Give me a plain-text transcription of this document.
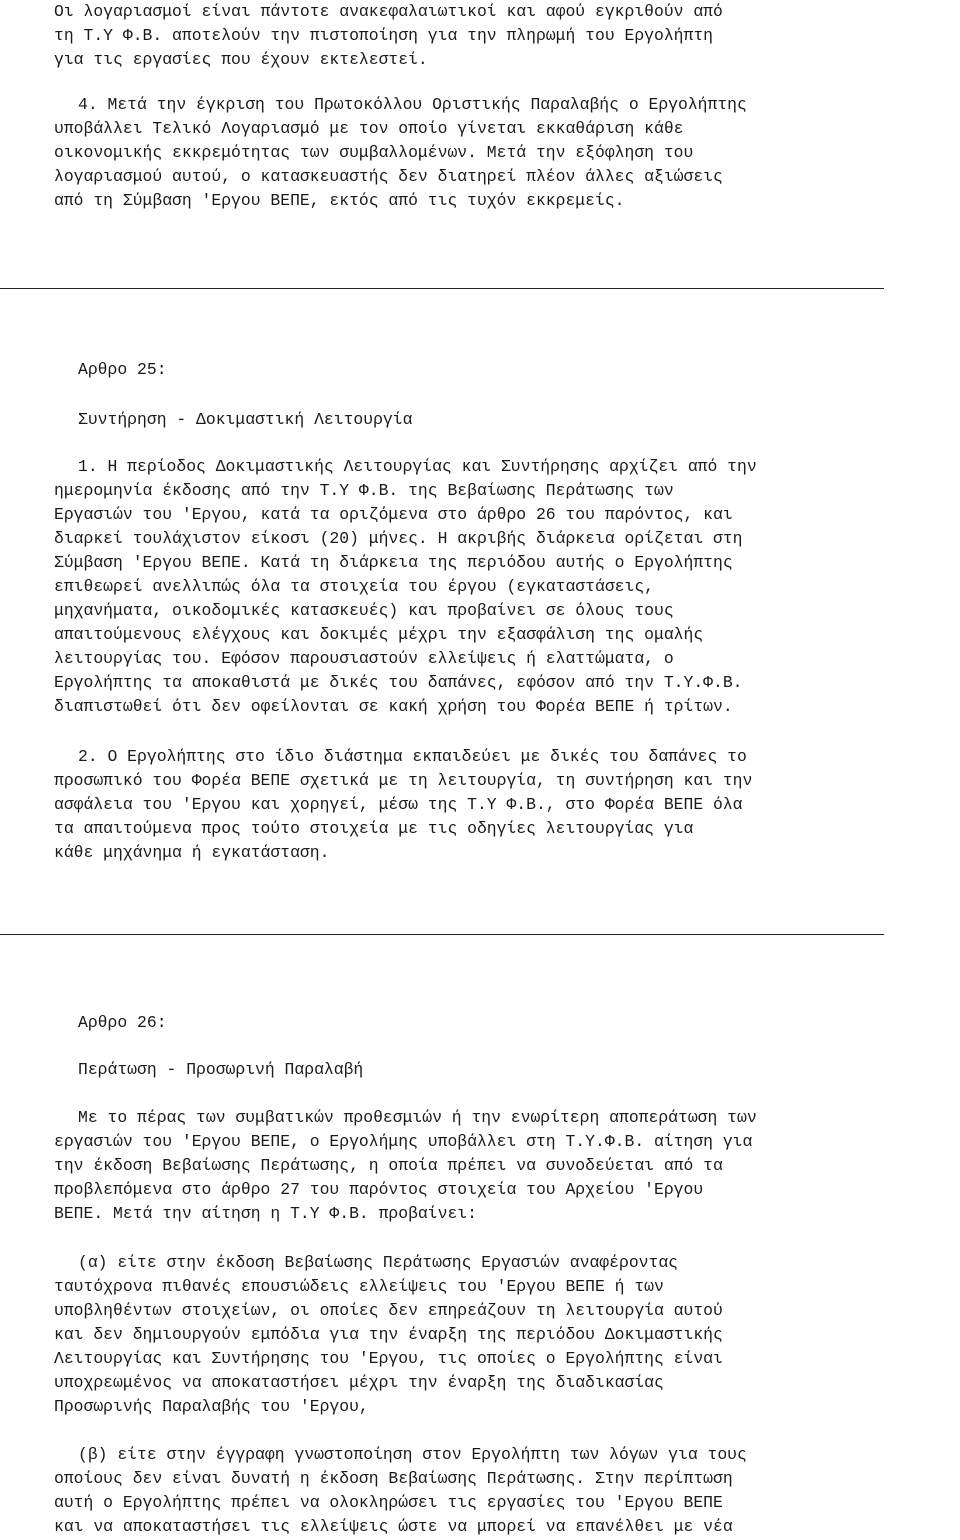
Οι λογαριασμοί είναι πάντοτε ανακεφαλαιωτικοί και αφού εγκριθούν από
τη Τ.Υ Φ.Β. αποτελούν την πιστοποίηση για την πληρωμή του Εργολήπτη
για τις εργασίες που έχουν εκτελεστεί.
4. Μετά την έγκριση του Πρωτοκόλλου Οριστικής Παραλαβής ο Εργολήπτης
υποβάλλει Τελικό Λογαριασμό με τον οποίο γίνεται εκκαθάριση κάθε
οικονομικής εκκρεμότητας των συμβαλλομένων. Μετά την εξόφληση του
λογαριασμού αυτού, ο κατασκευαστής δεν διατηρεί πλέον άλλες αξιώσεις
από τη Σύμβαση 'Εργου ΒΕΠΕ, εκτός από τις τυχόν εκκρεμείς.
Αρθρο 25:
Συντήρηση - Δοκιμαστική Λειτουργία
1. Η περίοδος Δοκιμαστικής Λειτουργίας και Συντήρησης αρχίζει από την
ημερομηνία έκδοσης από την Τ.Υ Φ.Β. της Βεβαίωσης Περάτωσης των
Εργασιών του 'Εργου, κατά τα οριζόμενα στο άρθρο 26 του παρόντος, και
διαρκεί τουλάχιστον είκοσι (20) μήνες. Η ακριβής διάρκεια ορίζεται στη
Σύμβαση 'Εργου ΒΕΠΕ. Κατά τη διάρκεια της περιόδου αυτής ο Εργολήπτης
επιθεωρεί ανελλιπώς όλα τα στοιχεία του έργου (εγκαταστάσεις,
μηχανήματα, οικοδομικές κατασκευές) και προβαίνει σε όλους τους
απαιτούμενους ελέγχους και δοκιμές μέχρι την εξασφάλιση της ομαλής
λειτουργίας του. Εφόσον παρουσιαστούν ελλείψεις ή ελαττώματα, ο
Εργολήπτης τα αποκαθιστά με δικές του δαπάνες, εφόσον από την Τ.Υ.Φ.Β.
διαπιστωθεί ότι δεν οφείλονται σε κακή χρήση του Φορέα ΒΕΠΕ ή τρίτων.
2. Ο Εργολήπτης στο ίδιο διάστημα εκπαιδεύει με δικές του δαπάνες το
προσωπικό του Φορέα ΒΕΠΕ σχετικά με τη λειτουργία, τη συντήρηση και την
ασφάλεια του 'Εργου και χορηγεί, μέσω της Τ.Υ Φ.Β., στο Φορέα ΒΕΠΕ όλα
τα απαιτούμενα προς τούτο στοιχεία με τις οδηγίες λειτουργίας για
κάθε μηχάνημα ή εγκατάσταση.
Αρθρο 26:
Περάτωση - Προσωρινή Παραλαβή
Με το πέρας των συμβατικών προθεσμιών ή την ενωρίτερη αποπεράτωση των
εργασιών του 'Εργου ΒΕΠΕ, ο Εργολήμης υποβάλλει στη Τ.Υ.Φ.Β. αίτηση για
την έκδοση Βεβαίωσης Περάτωσης, η οποία πρέπει να συνοδεύεται από τα
προβλεπόμενα στο άρθρο 27 του παρόντος στοιχεία του Αρχείου 'Εργου
ΒΕΠΕ. Μετά την αίτηση η Τ.Υ Φ.Β. προβαίνει:
(α) είτε στην έκδοση Βεβαίωσης Περάτωσης Εργασιών αναφέροντας
ταυτόχρονα πιθανές επουσιώδεις ελλείψεις του 'Εργου ΒΕΠΕ ή των
υποβληθέντων στοιχείων, οι οποίες δεν επηρεάζουν τη λειτουργία αυτού
και δεν δημιουργούν εμπόδια για την έναρξη της περιόδου Δοκιμαστικής
Λειτουργίας και Συντήρησης του 'Εργου, τις οποίες ο Εργολήπτης είναι
υποχρεωμένος να αποκαταστήσει μέχρι την έναρξη της διαδικασίας
Προσωρινής Παραλαβής του 'Εργου,
(β) είτε στην έγγραφη γνωστοποίηση στον Εργολήπτη των λόγων για τους
οποίους δεν είναι δυνατή η έκδοση Βεβαίωσης Περάτωσης. Στην περίπτωση
αυτή ο Εργολήπτης πρέπει να ολοκληρώσει τις εργασίες του 'Εργου ΒΕΠΕ
και να αποκαταστήσει τις ελλείψεις ώστε να μπορεί να επανέλθει με νέα
